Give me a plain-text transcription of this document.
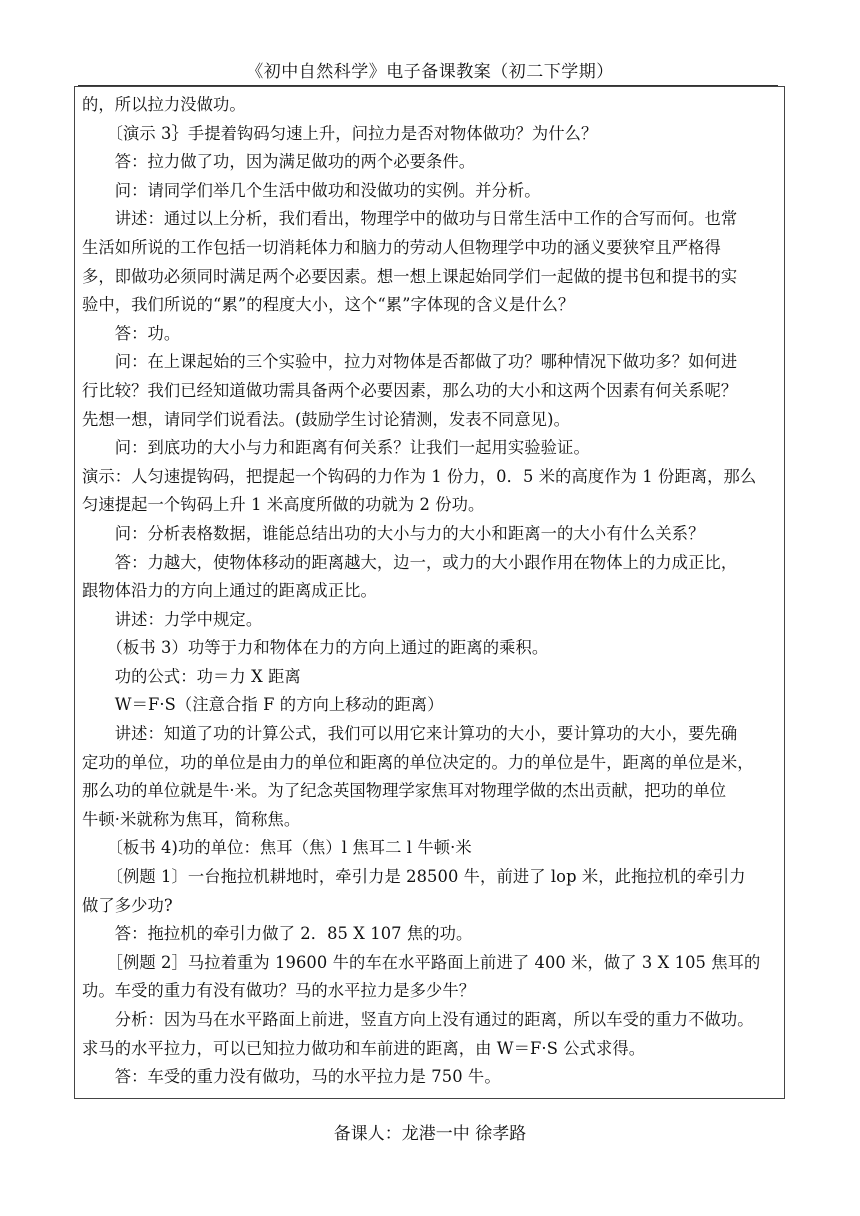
《初中自然科学》电子备课教案（初二下学期）
的，所以拉力没做功。
　　〔演示 3｝手提着钩码匀速上升，问拉力是否对物体做功？为什么？
　　答：拉力做了功，因为满足做功的两个必要条件。
　　问：请同学们举几个生活中做功和没做功的实例。并分析。
　　讲述：通过以上分析，我们看出，物理学中的做功与日常生活中工作的合写而何。也常
生活如所说的工作包括一切消耗体力和脑力的劳动人但物理学中功的涵义要狭窄且严格得
多，即做功必须同时满足两个必要因素。想一想上课起始同学们一起做的提书包和提书的实
验中，我们所说的“累”的程度大小，这个“累”字体现的含义是什么？
　　答：功。
　　问：在上课起始的三个实验中，拉力对物体是否都做了功？哪种情况下做功多？如何进
行比较？我们已经知道做功需具备两个必要因素，那么功的大小和这两个因素有何关系呢？
先想一想，请同学们说看法。(鼓励学生讨论猜测，发表不同意见)。
　　问：到底功的大小与力和距离有何关系？让我们一起用实验验证。
演示：人匀速提钩码，把提起一个钩码的力作为 1 份力，0．5 米的高度作为 1 份距离，那么
匀速提起一个钩码上升 1 米高度所做的功就为 2 份功。
　　问：分析表格数据，谁能总结出功的大小与力的大小和距离一的大小有什么关系？
　　答：力越大，使物体移动的距离越大，边一，或力的大小跟作用在物体上的力成正比，
跟物体沿力的方向上通过的距离成正比。
　　讲述：力学中规定。
　　（板书 3）功等于力和物体在力的方向上通过的距离的乘积。
　　功的公式：功＝力 X 距离
　　W＝F·S（注意合指 F 的方向上移动的距离）
　　讲述：知道了功的计算公式，我们可以用它来计算功的大小，要计算功的大小，要先确
定功的单位，功的单位是由力的单位和距离的单位决定的。力的单位是牛，距离的单位是米，
那么功的单位就是牛·米。为了纪念英国物理学家焦耳对物理学做的杰出贡献，把功的单位
牛顿·米就称为焦耳，简称焦。
　　〔板书 4)功的单位：焦耳（焦）l 焦耳二 l 牛顿·米
　　〔例题 1〕一台拖拉机耕地时，牵引力是 28500 牛，前进了 lop 米，此拖拉机的牵引力
做了多少功?
　　答：拖拉机的牵引力做了 2．85 X 107 焦的功。
　　［例题 2］马拉着重为 19600 牛的车在水平路面上前进了 400 米，做了 3 X 105 焦耳的
功。车受的重力有没有做功？马的水平拉力是多少牛？
　　分析：因为马在水平路面上前进，竖直方向上没有通过的距离，所以车受的重力不做功。
求马的水平拉力，可以已知拉力做功和车前进的距离，由 W＝F·S 公式求得。
　　答：车受的重力没有做功，马的水平拉力是 750 牛。
备课人：龙港一中 徐孝路
